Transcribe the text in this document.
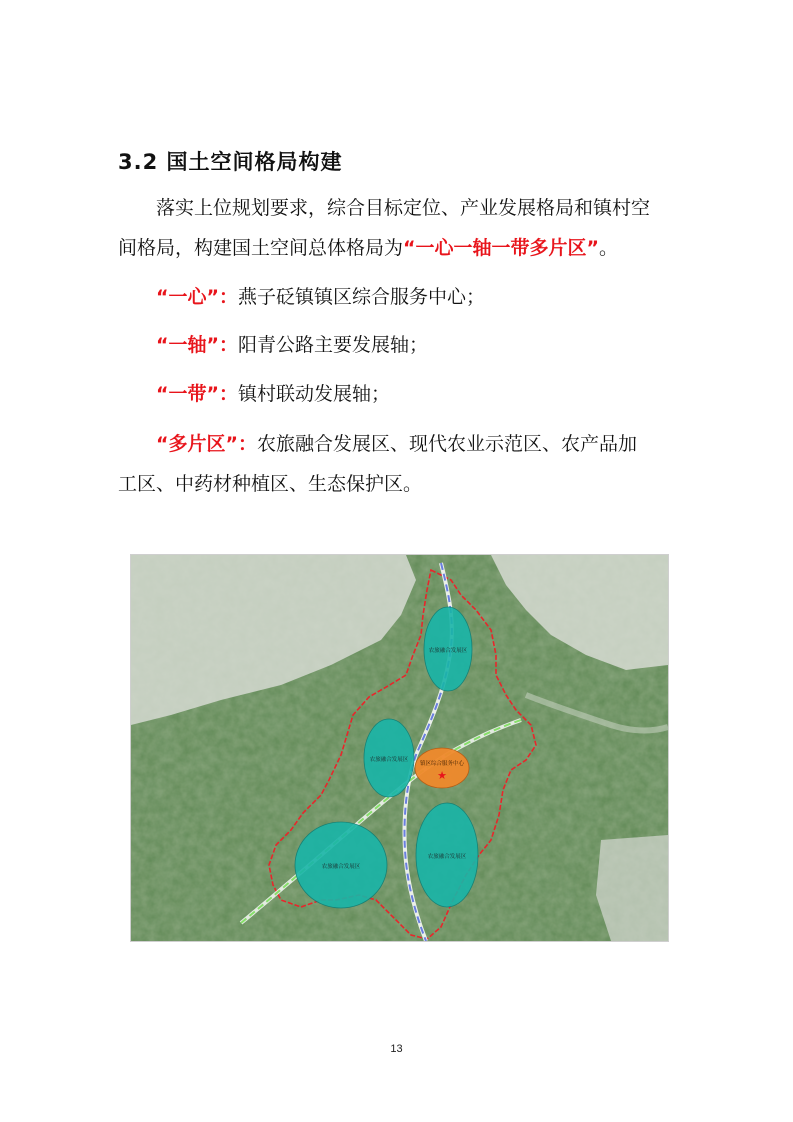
3.2 国土空间格局构建

落实上位规划要求，综合目标定位、产业发展格局和镇村空
间格局，构建国土空间总体格局为“一心一轴一带多片区”。

“一心”：燕子砭镇镇区综合服务中心；

“一轴”：阳青公路主要发展轴；

“一带”：镇村联动发展轴；

“多片区”：农旅融合发展区、现代农业示范区、农产品加
工区、中药材种植区、生态保护区。

农旅融合发展区
农旅融合发展区
农旅融合发展区
农旅融合发展区
镇区综合服务中心
★
13
